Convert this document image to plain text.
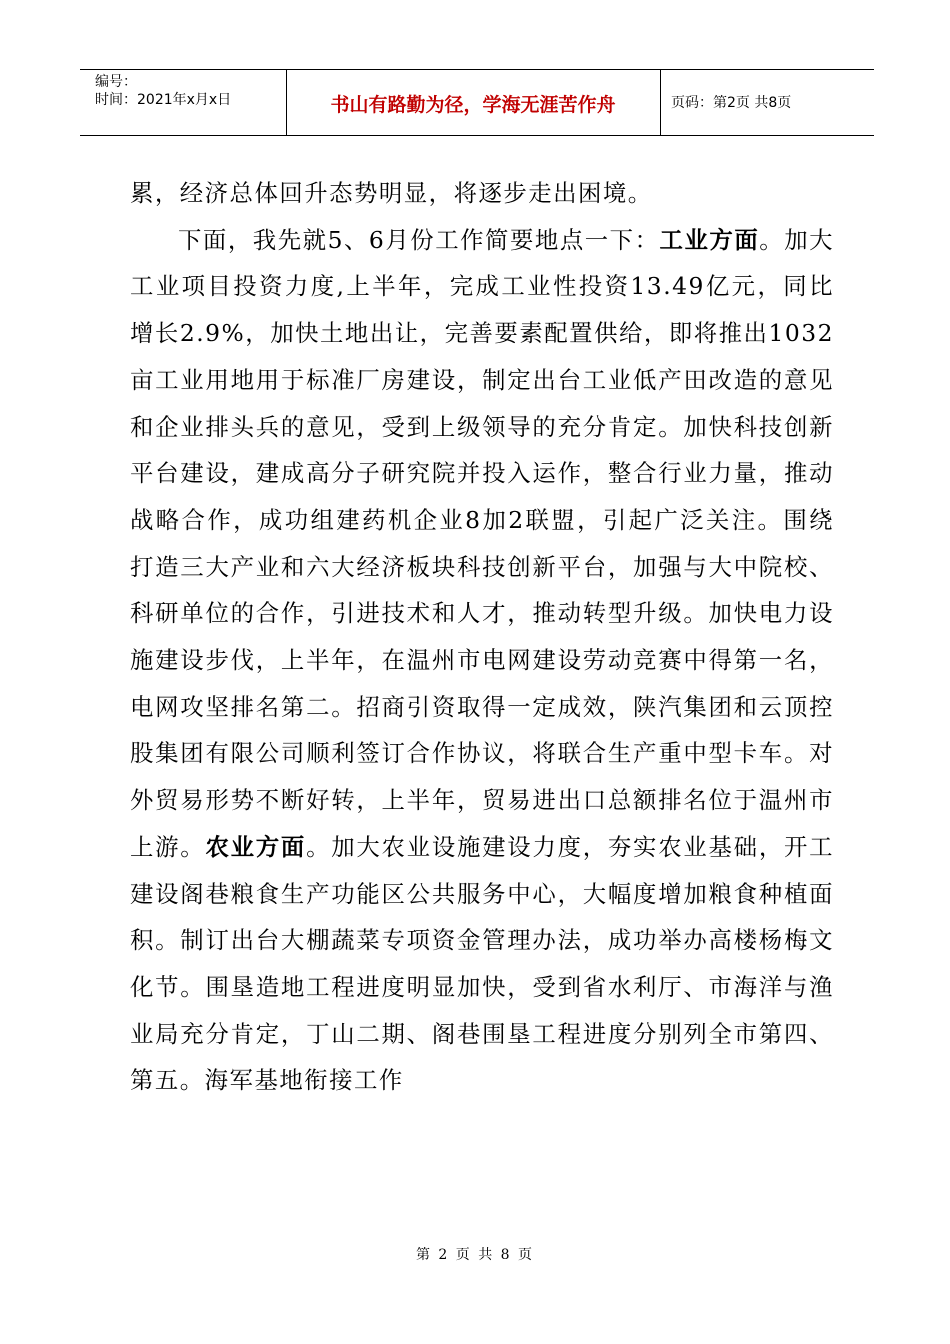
编号：
时间：2021年x月x日	书山有路勤为径，学海无涯苦作舟	页码：第2页 共8页

累，经济总体回升态势明显，将逐步走出困境。

下面，我先就5、6月份工作简要地点一下：工业方面。加大工业项目投资力度,上半年，完成工业性投资13.49亿元，同比增长2.9%，加快土地出让，完善要素配置供给，即将推出1032亩工业用地用于标准厂房建设，制定出台工业低产田改造的意见和企业排头兵的意见，受到上级领导的充分肯定。加快科技创新平台建设，建成高分子研究院并投入运作，整合行业力量，推动战略合作，成功组建药机企业8加2联盟，引起广泛关注。围绕打造三大产业和六大经济板块科技创新平台，加强与大中院校、科研单位的合作，引进技术和人才，推动转型升级。加快电力设施建设步伐，上半年，在温州市电网建设劳动竞赛中得第一名，电网攻坚排名第二。招商引资取得一定成效，陕汽集团和云顶控股集团有限公司顺利签订合作协议，将联合生产重中型卡车。对外贸易形势不断好转，上半年，贸易进出口总额排名位于温州市上游。农业方面。加大农业设施建设力度，夯实农业基础，开工建设阁巷粮食生产功能区公共服务中心，大幅度增加粮食种植面积。制订出台大棚蔬菜专项资金管理办法，成功举办高楼杨梅文化节。围垦造地工程进度明显加快，受到省水利厅、市海洋与渔业局充分肯定，丁山二期、阁巷围垦工程进度分别列全市第四、第五。海军基地衔接工作

第 2 页 共 8 页
